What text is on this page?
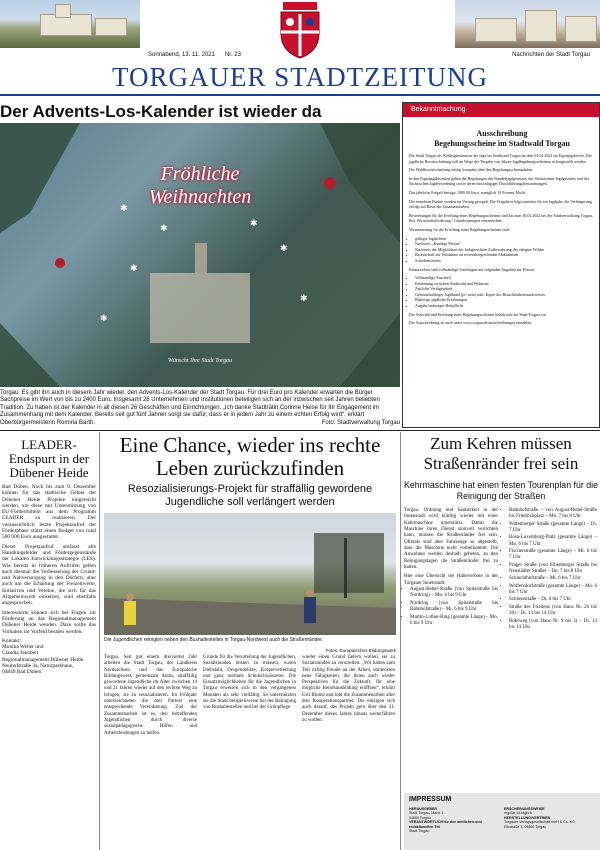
Sonnabend, 13. 11. 2021 Nr. 23	Nachrichten der Stadt Torgau
TORGAUER STADTZEITUNG
Der Advents-Los-Kalender ist wieder da
✱
✱	✱
✱
✱
✱
✱
Fröhliche Weihnachten
Wünscht Ihre Stadt Torgau
Torgau. Es gibt ihn auch in diesem Jahr wieder, den Advents-Los-Kalender der Stadt Torgau. Für drei Euro pro Kalender erwarten die Bürger Sachpreise im Wert von bis zu 2400 Euro. Insgesamt 26 Unternehmen und Institutionen beteiligen sich an der inzwischen seit Jahren beliebten Tradition. Zu haben ist der Kalender in all diesen 26 Geschäften und Einrichtungen. „Ich danke Stadträtin Corinne Heise für Ihr Engagement im Zusammenhang mit dem Kalender. Bereits seit gut fünf Jahren sorgt sie dafür, dass er in jedem Jahr zu einem echten Erfolg wird“, erklärt Oberbürgermeisterin Romina Barth.	Foto: Stadtverwaltung Torgau
Bekanntmachung
Ausschreibung
Begehungsscheine im Stadtwald Torgau

Die Stadt Torgau als Waldeigentümerin der Jagd im Stadtwald Torgau ab dem 01.04.2022 im Eigenjagdrevier. Die jagdliche Bewirtschaftung soll im Wege der Vergabe von Jahres-Jagdbegehungsscheinen sichergestellt werden.

Die Waldbewirtschaftung erfolgt komplett über den Begehungsscheininhaber.

In den Eigenjagdbezirken gelten die Regelungen des Bundesjagdgesetzes, des Sächsischen Jagdgesetzes und der Sächsischen Jagdverordnung sowie deren einschlägiger Durchführungsbestimmungen.

Das jährliche Entgelt beträgt: 1000,00 Euro, zuzüglich 19 Prozent MwSt.

Die einzelnen Punkte werden im Vertrag geregelt. Die Vergabe erfolgt zunächst für ein Jagdjahr; die Verlängerung erfolgt auf Basis der Zusammenarbeit.

Bewerbungen für die Erteilung eines Begehungsscheines sind bis zum 30.01.2022 bei der Stadtverwaltung Torgau, Ref. Wirtschaftsförderung / Grundvermögen einzureichen.

Voraussetzung für die Erteilung eines Begehungsscheines sind:

• gültiger Jagdschein
• Nachweis „Kundige Person“
• Nachweis der Möglichkeit der fachgerechten Aufbewahrung des erlegten Wildes
• Bereitschaft zur Teilnahme an revierübergreifenden Maßnahmen
• Schießnachweis

Einzureichen sind vollständige Unterlagen mit folgenden Angaben zur Person:

• Vollständige Anschrift
• Entfernung zwischen Stadtwald und Wohnsitz
• Zeitliche Verfügbarkeit
• Gebrauchsfähiger Jagdhund (ja / nein) inkl. Kopie des Brauchbarkeitsnachweises
• Bisherige jagdliche Erfahrungen
• Angabe bisheriger Haftpflicht

Die Auswahl und Erteilung eines Begehungsscheines behält sich die Stadt Torgau vor.

Die Ausschreibung ist auch unter www.torgau.de/ausschreibungen einsehbar.

LEADER-Endspurt in der Dübener Heide

Bad Düben. Noch bis zum 9. Dezember können für das städtische Gebiet der Dübener Heide Projekte eingereicht werden, um diese mit Unterstützung von EU-Fördermitteln aus dem Programm LEADER zu realisieren. Der voraussichtlich letzte Projektaufruf der Förderphase stützt einen Budget von rund 500 000 Euro ausgestattet.

Dieser Projektaufruf umfasst alle Handlungsfelder und Fördergegenstände der Lokalen Entwicklungsstrategie (LES). Wie bereits in früheren Aufrufen gelten auch diesmal die Verbesserung der Grund- und Nahversorgung in den Dörfern, aber auch um die Erhaltung der Freizeitwerte, Initiativen und Vereine, die sich für das Allgemeinwohl einsetzen, sind ebenfalls angesprochen.

Interessierte können sich bei Fragen zur Förderung an das Regionalmanagement Dübener Heide wenden. Dazu sollte das Vorhaben im Vorfeld beraten werden.

Kontakt:
Monika Weber und
Claudia Jakobeit
Regionalmanagement Dübener Heide
Neuhofstraße 3a, Naturparkhaus,
04849 Bad Düben
Eine Chance, wieder ins rechte Leben zurückzufinden
Resozialisierungs-Projekt für straffällig gewordene Jugendliche soll verlängert werden
Die Jugendlichen reinigten neben den Bushaltestellen in Torgau-Nordwest auch die Straßenränder.
Fotos: Europäisches Bildungswerk
Torgau. Seit gut einem dreiviertel Jahr arbeiten die Stadt Torgau, der Landkreis Nordsachsen und das Europäische Bildungswerk gemeinsam daran, straffällig gewordene Jugendliche im Alter zwischen 14 und 21 Jahren wieder auf den rechten Weg zu bringen, sie zu resozialisieren. Im Frühjahr unterzeichneten die drei Partner eine entsprechende Vereinbarung. Ziel der Zusammenarbeit ist es, den betreffenden Jugendlichen durch diverse sozialpädagogische Hilfen und Arbeitsleistungen zu helfen.
Gründe für die Verurteilung der Jugendlichen, Sozialstunden leisten zu müssen, waren Diebstahl, Drogendelikte, Körperverletzung und ganz normale Schulschwänzerei. Die Einsatzmöglichkeiten für die Jugendlichen in Torgau erweisen sich in den vergangenen Monaten als sehr vielfältig. So unterstützten sie die Stadt beispielsweise bei der Reinigung von Bushaltestellen und bei der Grünpflege.
wieder einen Grund liefern wollen, sie zu Sozialstunden zu verurteilen. „Wir hatten zum Teil richtig Freude an der Arbeit, entdeckten neue Fähigkeiten, die ihnen auch wieder Perspektiven für die Zukunft, für eine mögliche Berufsausbildung eröffnen“, erklärt Grit Blume und lobt die Zusammenarbeit aller drei Kooperationspartner. Die einzigen sich auch darauf, das Projekt gern über den 31. Dezember dieses Jahres hinaus weiterführen zu wollen.
Zum Kehren müssen Straßenränder frei sein
Kehrmaschine hat einen festen Tourenplan für die Reinigung der Straßen
Torgau. Ordnung und Sauberkeit in der Innenstadt wird künftig wieder mit einer Kehrmaschine unterstützt. Damit die Maschine ihren Dienst sinnvoll verrichten kann, müssen die Straßenränder frei sein. Oftmals sind aber Fahrzeuge so abgestellt, dass die Maschine nicht vorbeikommt. Die Anwohner werden deshalb gebeten, an den Reinigungstagen die Straßenränder frei zu halten.
Hier eine Übersicht der Halteverbote in der Torgauer Innenstadt:
• August-Bebel-Straße (von Spitalstraße bis Nordring) – Mo. 6 bis 9 Uhr
• Nordring (von Spitalstraße bis Bahnhofstraße) – Mi. 6 bis 9 Uhr
• Martin-Luther-Ring (gesamte Länge) – Mo. 6 bis 9 Uhr
• Bahnhofstraße – von August-Bebel-Straße bis Friedrichplatz – Mo. 7 bis 8 Uhr
• Wittenberger Straße (gesamte Länge) – Di. 7 Uhr
• Rosa-Luxemburg-Platz (gesamte Länge) – Mo. 6 bis 7 Uhr
• Fischerstraße (gesamte Länge) – Mi. 6 bis 7 Uhr
• Prager Straße (von Elbenburger Straße bis Neustädter Straße) – Do. 7 bis 8 Uhr
• Schlachthofstraße – Mi. 6 bis 7 Uhr
• Wolfersdorfstraße (gesamte Länge) – Mo. 6 bis 7 Uhr
• Schlossstraße – Di. 6 bis 7 Uhr
• Straße des Friedens (von Haus Nr. 26 bis 28) – Di. 13 bis 14 Uhr
• Röhrweg (von Haus Nr. 9 bis 3) – Di. 13 bis 14 Uhr
IMPRESSUM
HERAUSGEBER
Stadt Torgau, Markt 1,
04860 Torgau
VERANTWORTLICH für den amtlichen und redaktionellen Teil
Stadt Torgau
ERSCHEINUNGSWEISE
regulär 14-täglich
HERSTELLUNG/VERTRIEB
Torgauer Verlagsgesellschaft mbH & Co. KG
Elbstraße 3, 04860 Torgau
